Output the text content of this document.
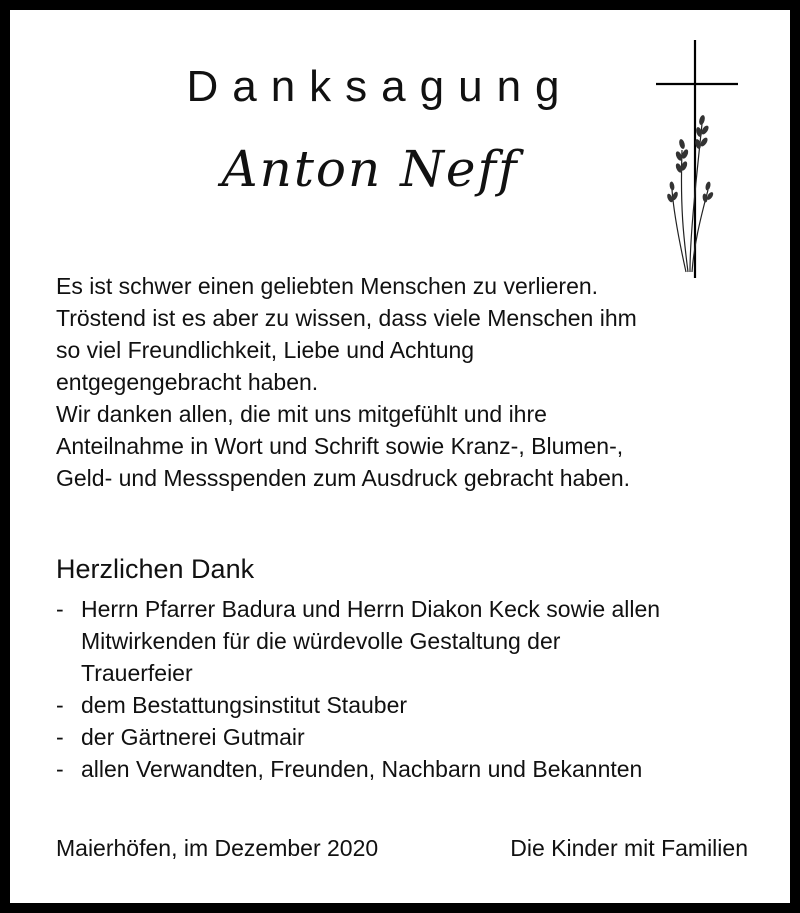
Danksagung
Anton Neff

Es ist schwer einen geliebten Menschen zu verlieren.

Tröstend ist es aber zu wissen, dass viele Menschen ihm

so viel Freundlichkeit, Liebe und Achtung

entgegengebracht haben.

Wir danken allen, die mit uns mitgefühlt und ihre

Anteilnahme in Wort und Schrift sowie Kranz-, Blumen-,

Geld- und Messspenden zum Ausdruck gebracht haben.

Herzlichen Dank
- Herrn Pfarrer Badura und Herrn Diakon Keck sowie allen
Mitwirkenden für die würdevolle Gestaltung der
Trauerfeier
- dem Bestattungsinstitut Stauber
- der Gärtnerei Gutmair
- allen Verwandten, Freunden, Nachbarn und Bekannten
Maierhöfen, im Dezember 2020	Die Kinder mit Familien
